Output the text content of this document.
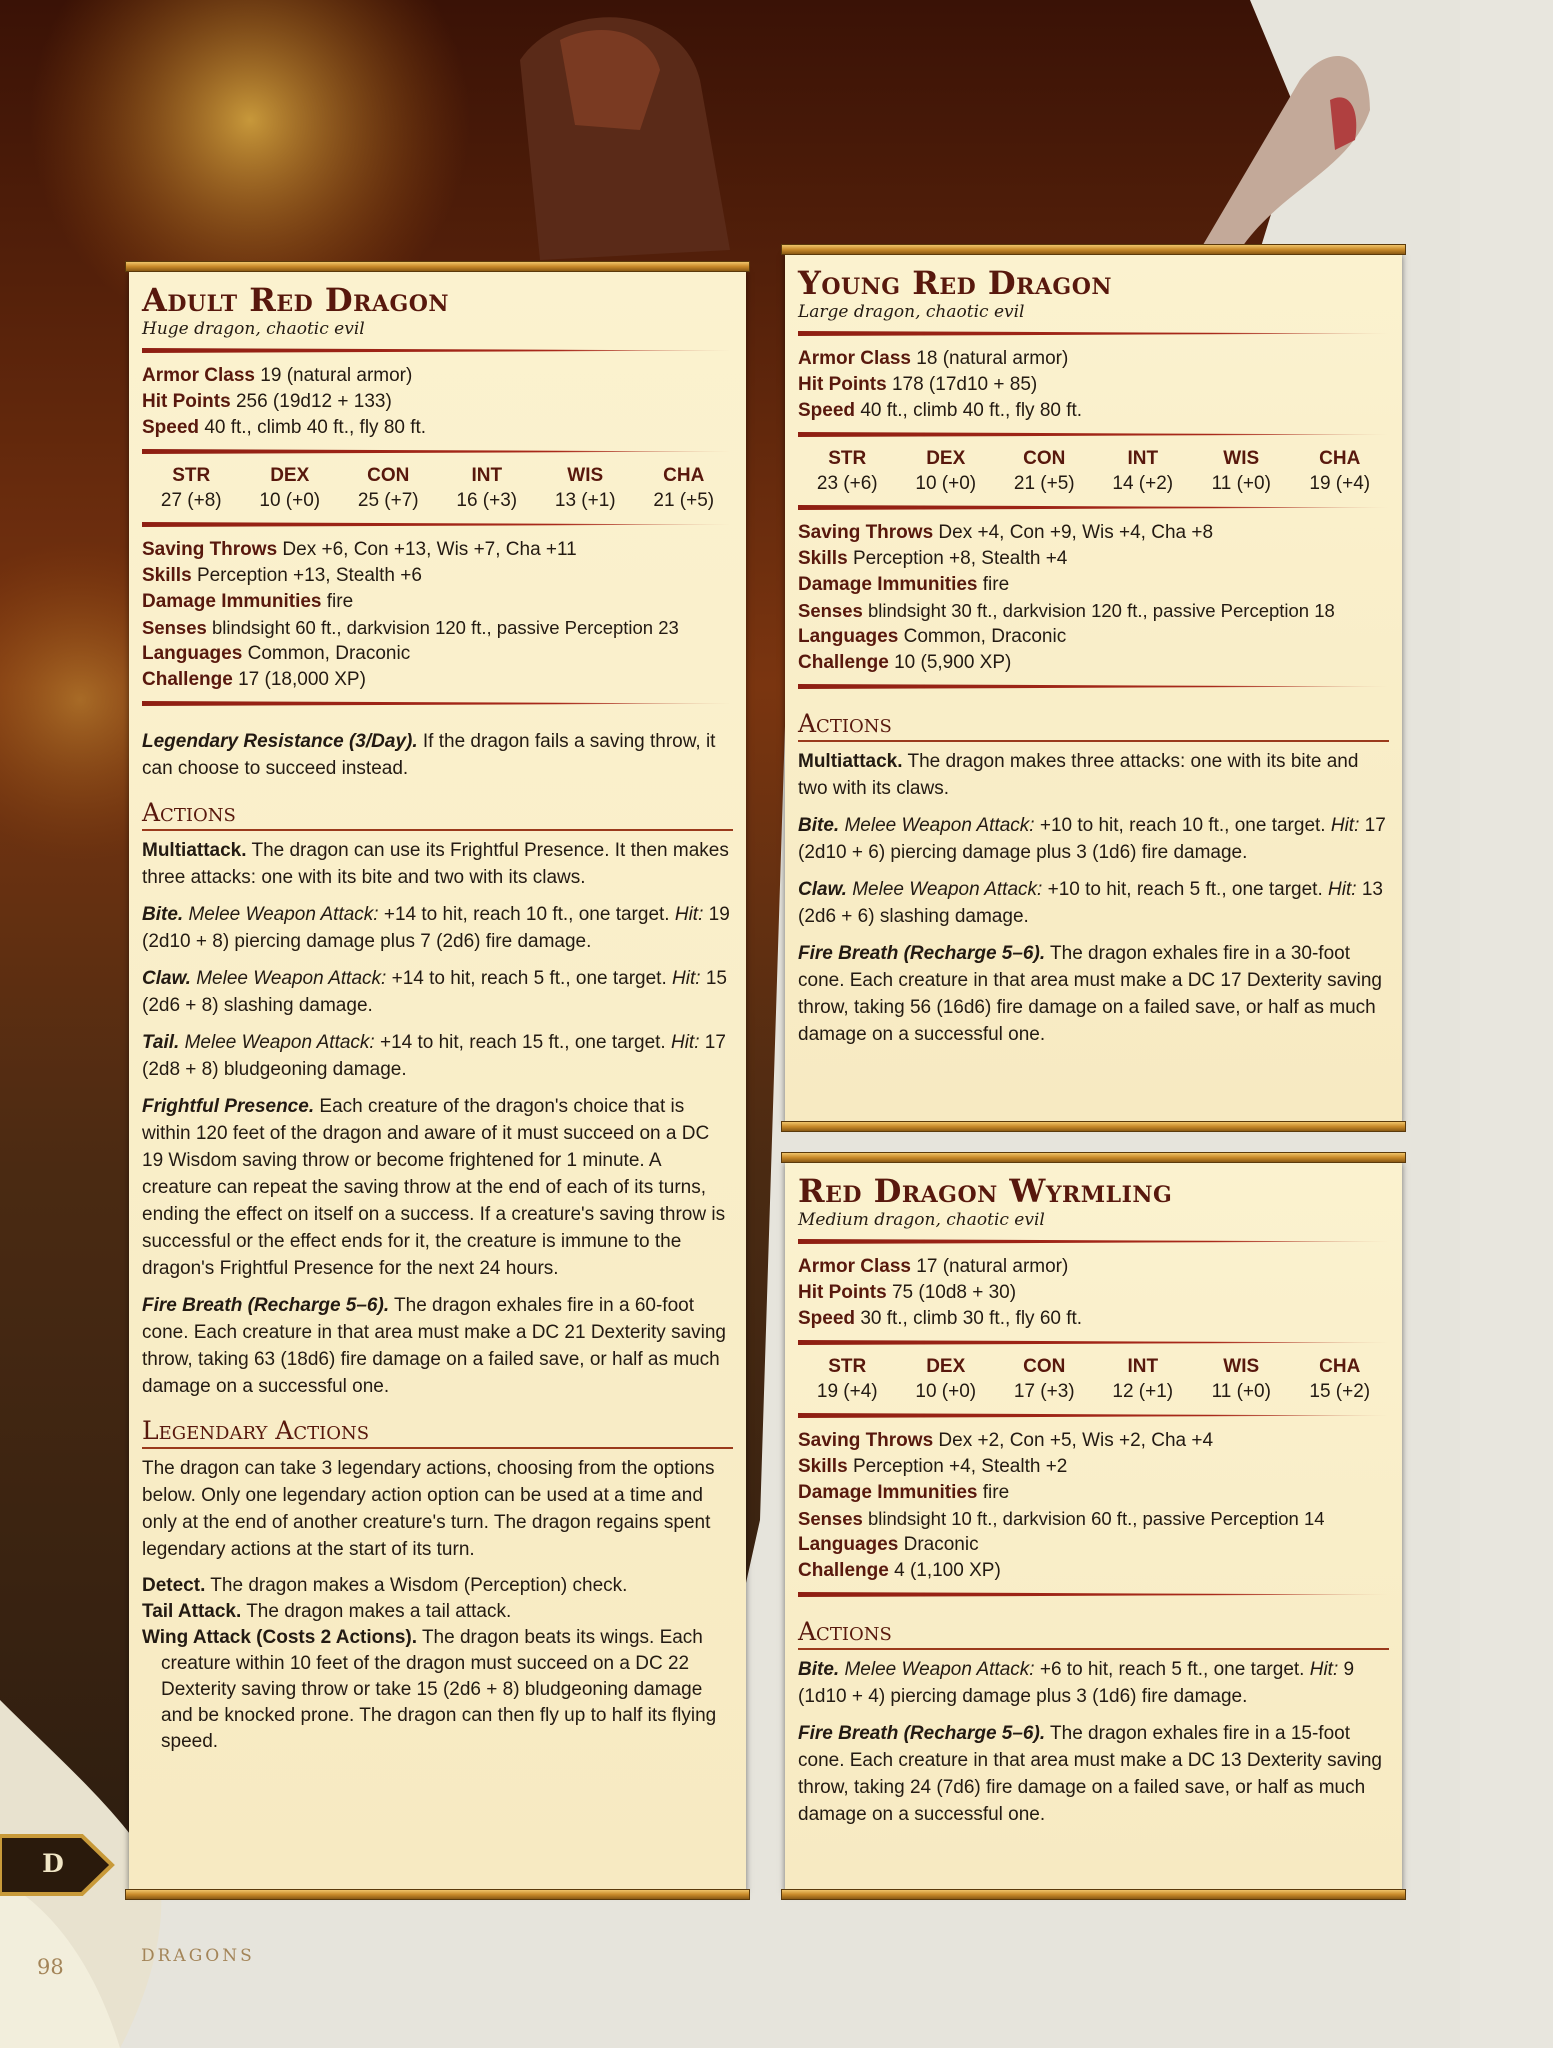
Adult Red Dragon
Huge dragon, chaotic evil
Armor Class 19 (natural armor)
Hit Points 256 (19d12 + 133)
Speed 40 ft., climb 40 ft., fly 80 ft.
STR
27 (+8)
DEX
10 (+0)
CON
25 (+7)
INT
16 (+3)
WIS
13 (+1)
CHA
21 (+5)
Saving Throws Dex +6, Con +13, Wis +7, Cha +11
Skills Perception +13, Stealth +6
Damage Immunities fire
Senses blindsight 60 ft., darkvision 120 ft., passive Perception 23
Languages Common, Draconic
Challenge 17 (18,000 XP)
Legendary Resistance (3/Day). If the dragon fails a saving throw, it can choose to succeed instead.
Actions
Multiattack. The dragon can use its Frightful Presence. It then makes three attacks: one with its bite and two with its claws.
Bite. Melee Weapon Attack: +14 to hit, reach 10 ft., one target. Hit: 19 (2d10 + 8) piercing damage plus 7 (2d6) fire damage.
Claw. Melee Weapon Attack: +14 to hit, reach 5 ft., one target. Hit: 15 (2d6 + 8) slashing damage.
Tail. Melee Weapon Attack: +14 to hit, reach 15 ft., one target. Hit: 17 (2d8 + 8) bludgeoning damage.
Frightful Presence. Each creature of the dragon's choice that is within 120 feet of the dragon and aware of it must succeed on a DC 19 Wisdom saving throw or become frightened for 1 minute. A creature can repeat the saving throw at the end of each of its turns, ending the effect on itself on a success. If a creature's saving throw is successful or the effect ends for it, the creature is immune to the dragon's Frightful Presence for the next 24 hours.
Fire Breath (Recharge 5–6). The dragon exhales fire in a 60-foot cone. Each creature in that area must make a DC 21 Dexterity saving throw, taking 63 (18d6) fire damage on a failed save, or half as much damage on a successful one.
Legendary Actions
The dragon can take 3 legendary actions, choosing from the options below. Only one legendary action option can be used at a time and only at the end of another creature's turn. The dragon regains spent legendary actions at the start of its turn.
Detect. The dragon makes a Wisdom (Perception) check.
Tail Attack. The dragon makes a tail attack.
Wing Attack (Costs 2 Actions). The dragon beats its wings. Each creature within 10 feet of the dragon must succeed on a DC 22 Dexterity saving throw or take 15 (2d6 + 8) bludgeoning damage and be knocked prone. The dragon can then fly up to half its flying speed.
Young Red Dragon
Large dragon, chaotic evil
Armor Class 18 (natural armor)
Hit Points 178 (17d10 + 85)
Speed 40 ft., climb 40 ft., fly 80 ft.
STR
23 (+6)
DEX
10 (+0)
CON
21 (+5)
INT
14 (+2)
WIS
11 (+0)
CHA
19 (+4)
Saving Throws Dex +4, Con +9, Wis +4, Cha +8
Skills Perception +8, Stealth +4
Damage Immunities fire
Senses blindsight 30 ft., darkvision 120 ft., passive Perception 18
Languages Common, Draconic
Challenge 10 (5,900 XP)
Actions
Multiattack. The dragon makes three attacks: one with its bite and two with its claws.
Bite. Melee Weapon Attack: +10 to hit, reach 10 ft., one target. Hit: 17 (2d10 + 6) piercing damage plus 3 (1d6) fire damage.
Claw. Melee Weapon Attack: +10 to hit, reach 5 ft., one target. Hit: 13 (2d6 + 6) slashing damage.
Fire Breath (Recharge 5–6). The dragon exhales fire in a 30-foot cone. Each creature in that area must make a DC 17 Dexterity saving throw, taking 56 (16d6) fire damage on a failed save, or half as much damage on a successful one.
Red Dragon Wyrmling
Medium dragon, chaotic evil
Armor Class 17 (natural armor)
Hit Points 75 (10d8 + 30)
Speed 30 ft., climb 30 ft., fly 60 ft.
STR
19 (+4)
DEX
10 (+0)
CON
17 (+3)
INT
12 (+1)
WIS
11 (+0)
CHA
15 (+2)
Saving Throws Dex +2, Con +5, Wis +2, Cha +4
Skills Perception +4, Stealth +2
Damage Immunities fire
Senses blindsight 10 ft., darkvision 60 ft., passive Perception 14
Languages Draconic
Challenge 4 (1,100 XP)
Actions
Bite. Melee Weapon Attack: +6 to hit, reach 5 ft., one target. Hit: 9 (1d10 + 4) piercing damage plus 3 (1d6) fire damage.
Fire Breath (Recharge 5–6). The dragon exhales fire in a 15-foot cone. Each creature in that area must make a DC 13 Dexterity saving throw, taking 24 (7d6) fire damage on a failed save, or half as much damage on a successful one.
D
98	DRAGONS
